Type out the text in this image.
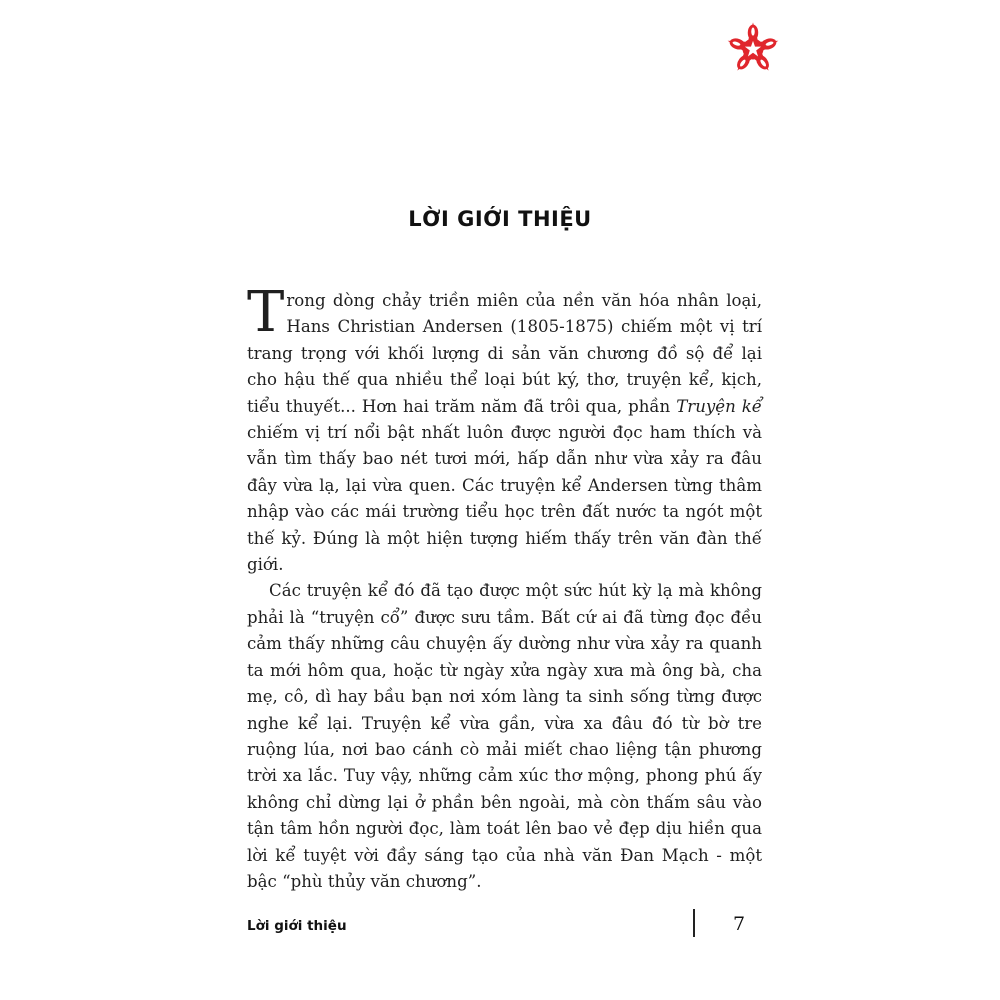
LỜI GIỚI THIỆU

Trong dòng chảy triền miên của nền văn hóa nhân loại, Hans Christian Andersen (1805-1875) chiếm một vị trí trang trọng với khối lượng di sản văn chương đồ sộ để lại cho hậu thế qua nhiều thể loại bút ký, thơ, truyện kể, kịch, tiểu thuyết... Hơn hai trăm năm đã trôi qua, phần Truyện kể chiếm vị trí nổi bật nhất luôn được người đọc ham thích và vẫn tìm thấy bao nét tươi mới, hấp dẫn như vừa xảy ra đâu đây vừa lạ, lại vừa quen. Các truyện kể Andersen từng thâm nhập vào các mái trường tiểu học trên đất nước ta ngót một thế kỷ. Đúng là một hiện tượng hiếm thấy trên văn đàn thế giới.

Các truyện kể đó đã tạo được một sức hút kỳ lạ mà không phải là “truyện cổ” được sưu tầm. Bất cứ ai đã từng đọc đều cảm thấy những câu chuyện ấy dường như vừa xảy ra quanh ta mới hôm qua, hoặc từ ngày xửa ngày xưa mà ông bà, cha mẹ, cô, dì hay bầu bạn nơi xóm làng ta sinh sống từng được nghe kể lại. Truyện kể vừa gần, vừa xa đâu đó từ bờ tre ruộng lúa, nơi bao cánh cò mải miết chao liệng tận phương trời xa lắc. Tuy vậy, những cảm xúc thơ mộng, phong phú ấy không chỉ dừng lại ở phần bên ngoài, mà còn thấm sâu vào tận tâm hồn người đọc, làm toát lên bao vẻ đẹp dịu hiền qua lời kể tuyệt vời đầy sáng tạo của nhà văn Đan Mạch - một bậc “phù thủy văn chương”.

Lời giới thiệu	7
